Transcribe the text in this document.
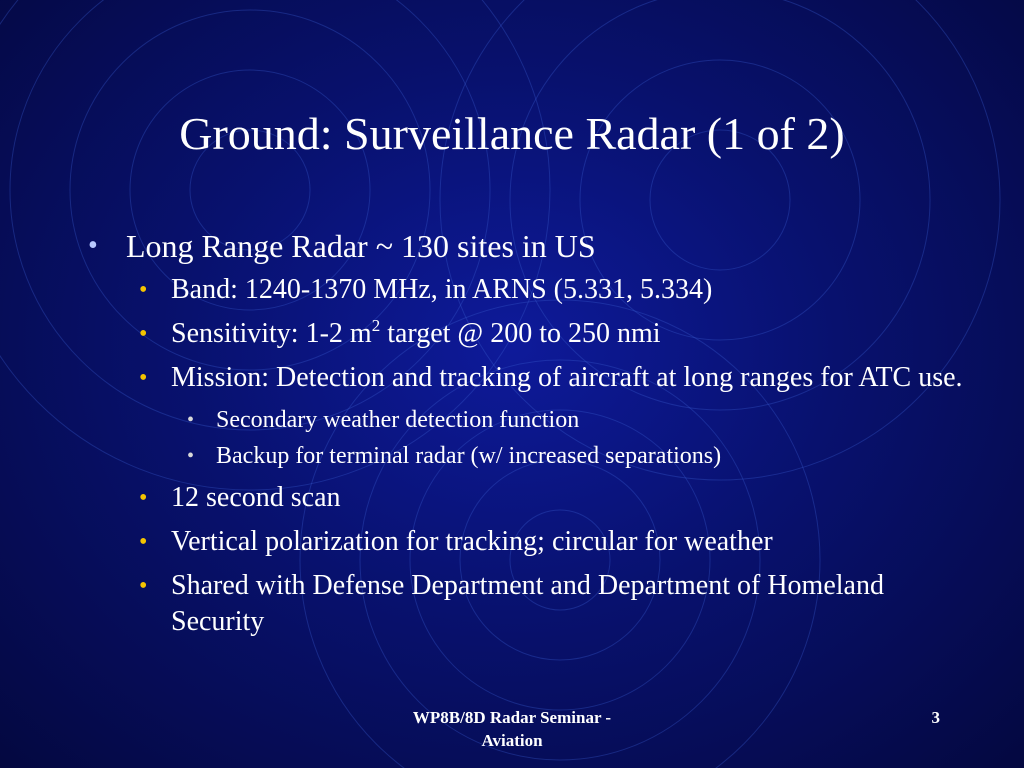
Ground: Surveillance Radar (1 of 2)
• Long Range Radar ~ 130 sites in US
• Band: 1240-1370 MHz, in ARNS (5.331, 5.334)
• Sensitivity: 1-2 $m^2$ target @ 200 to 250 nmi
• Mission: Detection and tracking of aircraft at long ranges for ATC use.
• Secondary weather detection function
• Backup for terminal radar (w/ increased separations)
• 12 second scan
• Vertical polarization for tracking; circular for weather
• Shared with Defense Department and Department of Homeland Security
WP8B/8D Radar Seminar -
Aviation
3
